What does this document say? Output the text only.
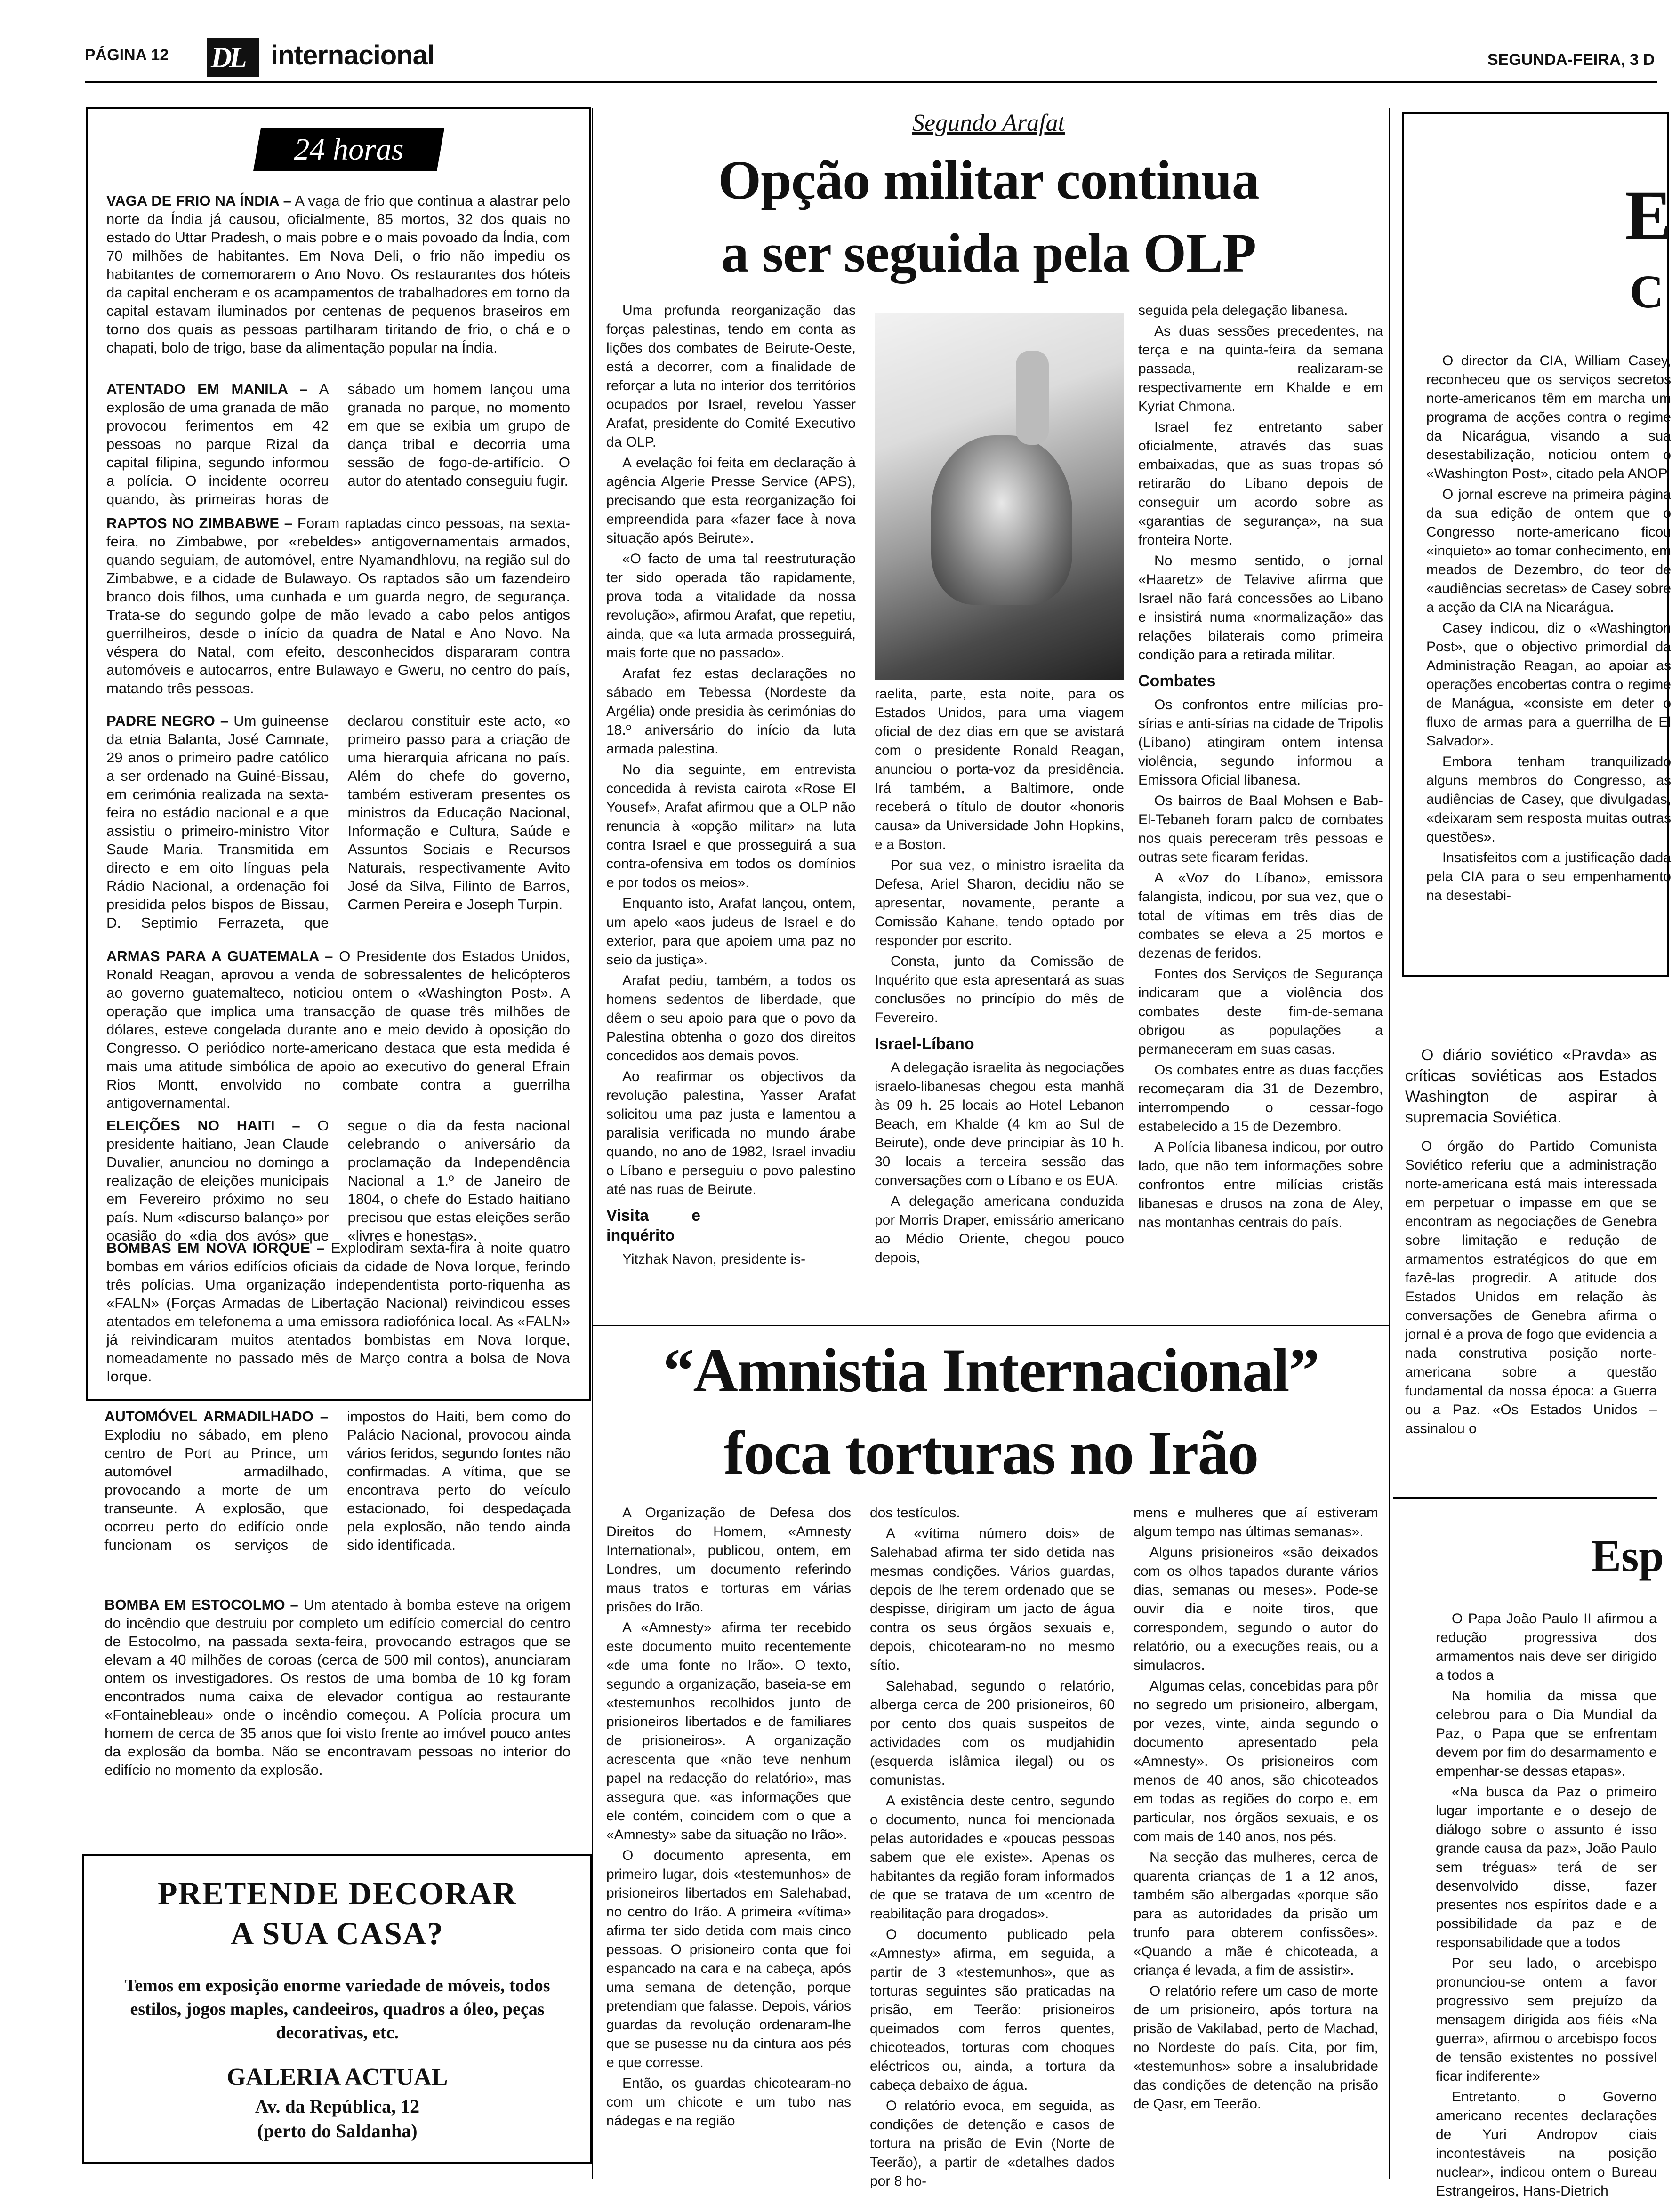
PÁGINA 12 DL internacional	SEGUNDA-FEIRA, 3 D
24 horas
VAGA DE FRIO NA ÍNDIA – A vaga de frio que continua a alastrar pelo norte da Índia já causou, oficialmente, 85 mortos, 32 dos quais no estado do Uttar Pradesh, o mais pobre e o mais povoado da Índia, com 70 milhões de habitantes. Em Nova Deli, o frio não impediu os habitantes de comemorarem o Ano Novo. Os restaurantes dos hóteis da capital encheram e os acampamentos de trabalhadores em torno da capital estavam iluminados por centenas de pequenos braseiros em torno dos quais as pessoas partilharam tiritando de frio, o chá e o chapati, bolo de trigo, base da alimentação popular na Índia.
ATENTADO EM MANILA – A explosão de uma granada de mão provocou ferimentos em 42 pessoas no parque Rizal da capital filipina, segundo informou a polícia. O incidente ocorreu quando, às primeiras horas de sábado um homem lançou uma granada no parque, no momento em que se exibia um grupo de dança tribal e decorria uma sessão de fogo-de-artifício. O autor do atentado conseguiu fugir.
RAPTOS NO ZIMBABWE – Foram raptadas cinco pessoas, na sexta-feira, no Zimbabwe, por «rebeldes» antigovernamentais armados, quando seguiam, de automóvel, entre Nyamandhlovu, na região sul do Zimbabwe, e a cidade de Bulawayo. Os raptados são um fazendeiro branco dois filhos, uma cunhada e um guarda negro, de segurança. Trata-se do segundo golpe de mão levado a cabo pelos antigos guerrilheiros, desde o início da quadra de Natal e Ano Novo. Na véspera do Natal, com efeito, desconhecidos dispararam contra automóveis e autocarros, entre Bulawayo e Gweru, no centro do país, matando três pessoas.
PADRE NEGRO – Um guineense da etnia Balanta, José Camnate, 29 anos o primeiro padre católico a ser ordenado na Guiné-Bissau, em cerimónia realizada na sexta-feira no estádio nacional e a que assistiu o primeiro-ministro Vitor Saude Maria. Transmitida em directo e em oito línguas pela Rádio Nacional, a ordenação foi presidida pelos bispos de Bissau, D. Septimio Ferrazeta, que declarou constituir este acto, «o primeiro passo para a criação de uma hierarquia africana no país. Além do chefe do governo, também estiveram presentes os ministros da Educação Nacional, Informação e Cultura, Saúde e Assuntos Sociais e Recursos Naturais, respectivamente Avito José da Silva, Filinto de Barros, Carmen Pereira e Joseph Turpin.
ARMAS PARA A GUATEMALA – O Presidente dos Estados Unidos, Ronald Reagan, aprovou a venda de sobressalentes de helicópteros ao governo guatemalteco, noticiou ontem o «Washington Post». A operação que implica uma transacção de quase três milhões de dólares, esteve congelada durante ano e meio devido à oposição do Congresso. O periódico norte-americano destaca que esta medida é mais uma atitude simbólica de apoio ao executivo do general Efrain Rios Montt, envolvido no combate contra a guerrilha antigovernamental.
ELEIÇÕES NO HAITI – O presidente haitiano, Jean Claude Duvalier, anunciou no domingo a realização de eleições municipais em Fevereiro próximo no seu país. Num «discurso balanço» por ocasião do «dia dos avós» que segue o dia da festa nacional celebrando o aniversário da proclamação da Independência Nacional a 1.º de Janeiro de 1804, o chefe do Estado haitiano precisou que estas eleições serão «livres e honestas».
BOMBAS EM NOVA IORQUE – Explodiram sexta-fira à noite quatro bombas em vários edifícios oficiais da cidade de Nova Iorque, ferindo três polícias. Uma organização independentista porto-riquenha as «FALN» (Forças Armadas de Libertação Nacional) reivindicou esses atentados em telefonema a uma emissora radiofónica local. As «FALN» já reivindicaram muitos atentados bombistas em Nova Iorque, nomeadamente no passado mês de Março contra a bolsa de Nova Iorque.
AUTOMÓVEL ARMADILHADO – Explodiu no sábado, em pleno centro de Port au Prince, um automóvel armadilhado, provocando a morte de um transeunte. A explosão, que ocorreu perto do edifício onde funcionam os serviços de impostos do Haiti, bem como do Palácio Nacional, provocou ainda vários feridos, segundo fontes não confirmadas. A vítima, que se encontrava perto do veículo estacionado, foi despedaçada pela explosão, não tendo ainda sido identificada.
BOMBA EM ESTOCOLMO – Um atentado à bomba esteve na origem do incêndio que destruiu por completo um edifício comercial do centro de Estocolmo, na passada sexta-feira, provocando estragos que se elevam a 40 milhões de coroas (cerca de 500 mil contos), anunciaram ontem os investigadores. Os restos de uma bomba de 10 kg foram encontrados numa caixa de elevador contígua ao restaurante «Fontainebleau» onde o incêndio começou. A Polícia procura um homem de cerca de 35 anos que foi visto frente ao imóvel pouco antes da explosão da bomba. Não se encontravam pessoas no interior do edifício no momento da explosão.
PRETENDE DECORAR
A SUA CASA?
Temos em exposição enorme variedade de móveis, todos estilos, jogos maples, candeeiros, quadros a óleo, peças decorativas, etc.
GALERIA ACTUAL
Av. da República, 12
(perto do Saldanha)
Segundo Arafat
Opção militar continua
a ser seguida pela OLP

Uma profunda reorganização das forças palestinas, tendo em conta as lições dos combates de Beirute-Oeste, está a decorrer, com a finalidade de reforçar a luta no interior dos territórios ocupados por Israel, revelou Yasser Arafat, presidente do Comité Executivo da OLP.

A evelação foi feita em declaração à agência Algerie Presse Service (APS), precisando que esta reorganização foi empreendida para «fazer face à nova situação após Beirute».

«O facto de uma tal reestruturação ter sido operada tão rapidamente, prova toda a vitalidade da nossa revolução», afirmou Arafat, que repetiu, ainda, que «a luta armada prosseguirá, mais forte que no passado».

Arafat fez estas declarações no sábado em Tebessa (Nordeste da Argélia) onde presidia às cerimónias do 18.º aniversário do início da luta armada palestina.

No dia seguinte, em entrevista concedida à revista cairota «Rose El Yousef», Arafat afirmou que a OLP não renuncia à «opção militar» na luta contra Israel e que prosseguirá a sua contra-ofensiva em todos os domínios e por todos os meios».

Enquanto isto, Arafat lançou, ontem, um apelo «aos judeus de Israel e do exterior, para que apoiem uma paz no seio da justiça».

Arafat pediu, também, a todos os homens sedentos de liberdade, que dêem o seu apoio para que o povo da Palestina obtenha o gozo dos direitos concedidos aos demais povos.

Ao reafirmar os objectivos da revolução palestina, Yasser Arafat solicitou uma paz justa e lamentou a paralisia verificada no mundo árabe quando, no ano de 1982, Israel invadiu o Líbano e perseguiu o povo palestino até nas ruas de Beirute.

Visita e inquérito

Yitzhak Navon, presidente is-

raelita, parte, esta noite, para os Estados Unidos, para uma viagem oficial de dez dias em que se avistará com o presidente Ronald Reagan, anunciou o porta-voz da presidência. Irá também, a Baltimore, onde receberá o título de doutor «honoris causa» da Universidade John Hopkins, e a Boston.

Por sua vez, o ministro israelita da Defesa, Ariel Sharon, decidiu não se apresentar, novamente, perante a Comissão Kahane, tendo optado por responder por escrito.

Consta, junto da Comissão de Inquérito que esta apresentará as suas conclusões no princípio do mês de Fevereiro.

Israel-Líbano

A delegação israelita às negociações israelo-libanesas chegou esta manhã às 09 h. 25 locais ao Hotel Lebanon Beach, em Khalde (4 km ao Sul de Beirute), onde deve principiar às 10 h. 30 locais a terceira sessão das conversações com o Líbano e os EUA.

A delegação americana conduzida por Morris Draper, emissário americano ao Médio Oriente, chegou pouco depois,

seguida pela delegação libanesa.

As duas sessões precedentes, na terça e na quinta-feira da semana passada, realizaram-se respectivamente em Khalde e em Kyriat Chmona.

Israel fez entretanto saber oficialmente, através das suas embaixadas, que as suas tropas só retirarão do Líbano depois de conseguir um acordo sobre as «garantias de segurança», na sua fronteira Norte.

No mesmo sentido, o jornal «Haaretz» de Telavive afirma que Israel não fará concessões ao Líbano e insistirá numa «normalização» das relações bilaterais como primeira condição para a retirada militar.

Combates

Os confrontos entre milícias pro-sírias e anti-sírias na cidade de Tripolis (Líbano) atingiram ontem intensa violência, segundo informou a Emissora Oficial libanesa.

Os bairros de Baal Mohsen e Bab-El-Tebaneh foram palco de combates nos quais pereceram três pessoas e outras sete ficaram feridas.

A «Voz do Líbano», emissora falangista, indicou, por sua vez, que o total de vítimas em três dias de combates se eleva a 25 mortos e dezenas de feridos.

Fontes dos Serviços de Segurança indicaram que a violência dos combates deste fim-de-semana obrigou as populações a permaneceram em suas casas.

Os combates entre as duas facções recomeçaram dia 31 de Dezembro, interrompendo o cessar-fogo estabelecido a 15 de Dezembro.

A Polícia libanesa indicou, por outro lado, que não tem informações sobre confrontos entre milícias cristãs libanesas e drusos na zona de Aley, nas montanhas centrais do país.

“Amnistia Internacional”
foca torturas no Irão

A Organização de Defesa dos Direitos do Homem, «Amnesty International», publicou, ontem, em Londres, um documento referindo maus tratos e torturas em várias prisões do Irão.

A «Amnesty» afirma ter recebido este documento muito recentemente «de uma fonte no Irão». O texto, segundo a organização, baseia-se em «testemunhos recolhidos junto de prisioneiros libertados e de familiares de prisioneiros». A organização acrescenta que «não teve nenhum papel na redacção do relatório», mas assegura que, «as informações que ele contém, coincidem com o que a «Amnesty» sabe da situação no Irão».

O documento apresenta, em primeiro lugar, dois «testemunhos» de prisioneiros libertados em Salehabad, no centro do Irão. A primeira «vítima» afirma ter sido detida com mais cinco pessoas. O prisioneiro conta que foi espancado na cara e na cabeça, após uma semana de detenção, porque pretendiam que falasse. Depois, vários guardas da revolução ordenaram-lhe que se pusesse nu da cintura aos pés e que corresse.

Então, os guardas chicotearam-no com um chicote e um tubo nas nádegas e na região

dos testículos.

A «vítima número dois» de Salehabad afirma ter sido detida nas mesmas condições. Vários guardas, depois de lhe terem ordenado que se despisse, dirigiram um jacto de água contra os seus órgãos sexuais e, depois, chicotearam-no no mesmo sítio.

Salehabad, segundo o relatório, alberga cerca de 200 prisioneiros, 60 por cento dos quais suspeitos de actividades com os mudjahidin (esquerda islâmica ilegal) ou os comunistas.

A existência deste centro, segundo o documento, nunca foi mencionada pelas autoridades e «poucas pessoas sabem que ele existe». Apenas os habitantes da região foram informados de que se tratava de um «centro de reabilitação para drogados».

O documento publicado pela «Amnesty» afirma, em seguida, a partir de 3 «testemunhos», que as torturas seguintes são praticadas na prisão, em Teerão: prisioneiros queimados com ferros quentes, chicoteados, torturas com choques eléctricos ou, ainda, a tortura da cabeça debaixo de água.

O relatório evoca, em seguida, as condições de detenção e casos de tortura na prisão de Evin (Norte de Teerão), a partir de «detalhes dados por 8 ho-

mens e mulheres que aí estiveram algum tempo nas últimas semanas».

Alguns prisioneiros «são deixados com os olhos tapados durante vários dias, semanas ou meses». Pode-se ouvir dia e noite tiros, que correspondem, segundo o autor do relatório, ou a execuções reais, ou a simulacros.

Algumas celas, concebidas para pôr no segredo um prisioneiro, albergam, por vezes, vinte, ainda segundo o documento apresentado pela «Amnesty». Os prisioneiros com menos de 40 anos, são chicoteados em todas as regiões do corpo e, em particular, nos órgãos sexuais, e os com mais de 140 anos, nos pés.

Na secção das mulheres, cerca de quarenta crianças de 1 a 12 anos, também são albergadas «porque são para as autoridades da prisão um trunfo para obterem confissões». «Quando a mãe é chicoteada, a criança é levada, a fim de assistir».

O relatório refere um caso de morte de um prisioneiro, após tortura na prisão de Vakilabad, perto de Machad, no Nordeste do país. Cita, por fim, «testemunhos» sobre a insalubridade das condições de detenção na prisão de Qasr, em Teerão.

E
C

O director da CIA, William Casey, reconheceu que os serviços secretos norte-americanos têm em marcha um programa de acções contra o regime da Nicarágua, visando a sua desestabilização, noticiou ontem o «Washington Post», citado pela ANOP.

O jornal escreve na primeira página da sua edição de ontem que o Congresso norte-americano ficou «inquieto» ao tomar conhecimento, em meados de Dezembro, do teor de «audiências secretas» de Casey sobre a acção da CIA na Nicarágua.

Casey indicou, diz o «Washington Post», que o objectivo primordial da Administração Reagan, ao apoiar as operações encobertas contra o regime de Manágua, «consiste em deter o fluxo de armas para a guerrilha de El Salvador».

Embora tenham tranquilizado alguns membros do Congresso, as audiências de Casey, que divulgadas, «deixaram sem resposta muitas outras questões».

Insatisfeitos com a justificação dada pela CIA para o seu empenhamento na desestabi-

O diário soviético «Pravda» as críticas soviéticas aos Estados Washington de aspirar à supremacia Soviética.

O órgão do Partido Comunista Soviético referiu que a administração norte-americana está mais interessada em perpetuar o impasse em que se encontram as negociações de Genebra sobre limitação e redução de armamentos estratégicos do que em fazê-las progredir. A atitude dos Estados Unidos em relação às conversações de Genebra afirma o jornal é a prova de fogo que evidencia a nada construtiva posição norte-americana sobre a questão fundamental da nossa época: a Guerra ou a Paz. «Os Estados Unidos – assinalou o

Esp

O Papa João Paulo II afirmou a redução progressiva dos armamentos nais deve ser dirigido a todos a

Na homilia da missa que celebrou para o Dia Mundial da Paz, o Papa que se enfrentam devem por fim do desarmamento e empenhar-se dessas etapas».

«Na busca da Paz o primeiro lugar importante e o desejo de diálogo sobre o assunto é isso grande causa da paz», João Paulo sem tréguas» terá de ser desenvolvido disse, fazer presentes nos espíritos dade e a possibilidade da paz e de responsabilidade que a todos

Por seu lado, o arcebispo pronunciou-se ontem a favor progressivo sem prejuízo da mensagem dirigida aos fiéis «Na guerra», afirmou o arcebispo focos de tensão existentes no possível ficar indiferente»

Entretanto, o Governo americano recentes declarações de Yuri Andropov ciais incontestáveis na posição nuclear», indicou ontem o Bureau Estrangeiros, Hans-Dietrich
